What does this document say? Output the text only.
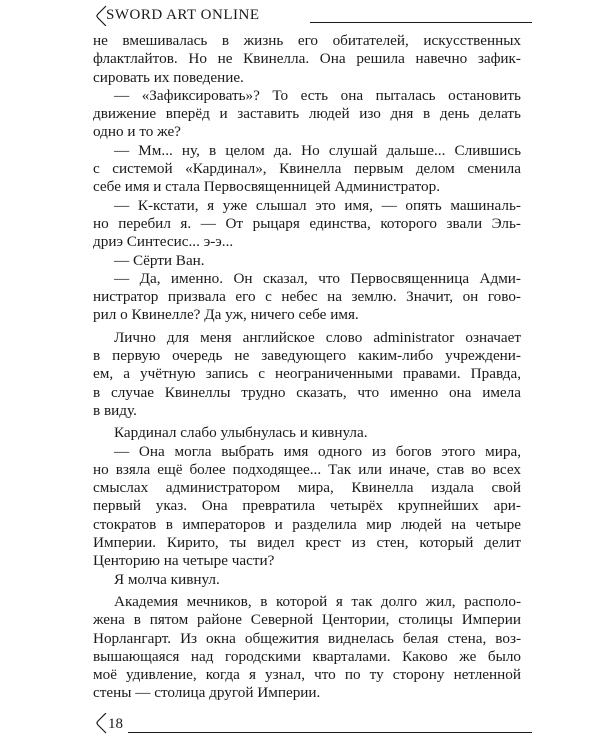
SWORD ART ONLINE
не вмешивалась в жизнь его обитателей, искусственных
флактлайтов. Но не Квинелла. Она решила навечно зафик-
сировать их поведение.
— «Зафиксировать»? То есть она пыталась остановить
движение вперёд и заставить людей изо дня в день делать
одно и то же?
— Мм... ну, в целом да. Но слушай дальше... Слившись
с системой «Кардинал», Квинелла первым делом сменила
себе имя и стала Первосвященницей Администратор.
— К-кстати, я уже слышал это имя, — опять машиналь-
но перебил я. — От рыцаря единства, которого звали Эль-
дриэ Синтесис... э-э...
— Сёрти Ван.
— Да, именно. Он сказал, что Первосвященница Адми-
нистратор призвала его с небес на землю. Значит, он гово-
рил о Квинелле? Да уж, ничего себе имя.
Лично для меня английское слово administrator означает
в первую очередь не заведующего каким-либо учреждени-
ем, а учётную запись с неограниченными правами. Правда,
в случае Квинеллы трудно сказать, что именно она имела
в виду.
Кардинал слабо улыбнулась и кивнула.
— Она могла выбрать имя одного из богов этого мира,
но взяла ещё более подходящее... Так или иначе, став во всех
смыслах администратором мира, Квинелла издала свой
первый указ. Она превратила четырёх крупнейших ари-
стократов в императоров и разделила мир людей на четыре
Империи. Кирито, ты видел крест из стен, который делит
Центорию на четыре части?
Я молча кивнул.
Академия мечников, в которой я так долго жил, располо-
жена в пятом районе Северной Центории, столицы Империи
Норлангарт. Из окна общежития виднелась белая стена, воз-
вышающаяся над городскими кварталами. Каково же было
моё удивление, когда я узнал, что по ту сторону нетленной
стены — столица другой Империи.
18
